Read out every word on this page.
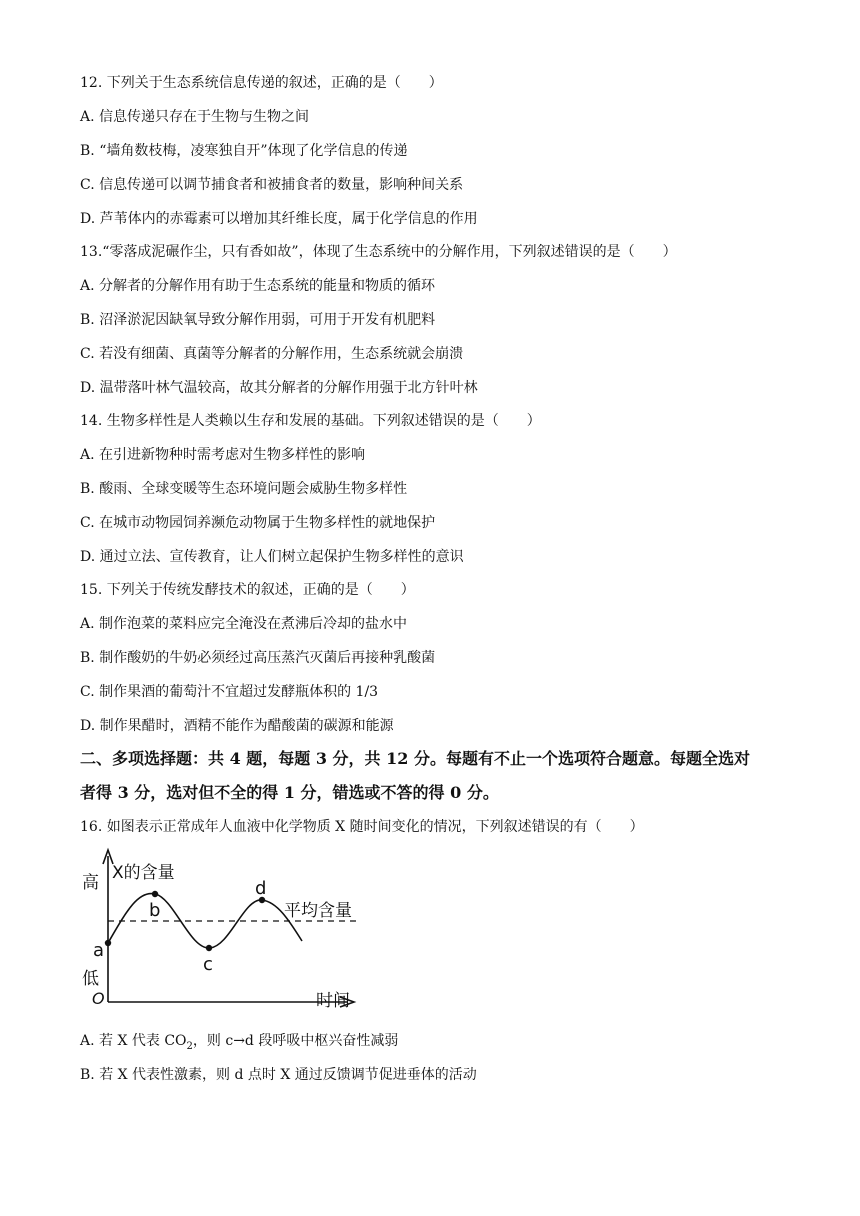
12. 下列关于生态系统信息传递的叙述，正确的是（　　）
A. 信息传递只存在于生物与生物之间
B. “墙角数枝梅，凌寒独自开”体现了化学信息的传递
C. 信息传递可以调节捕食者和被捕食者的数量，影响种间关系
D. 芦苇体内的赤霉素可以增加其纤维长度，属于化学信息的作用
13.“零落成泥碾作尘，只有香如故”，体现了生态系统中的分解作用，下列叙述错误的是（　　）
A. 分解者的分解作用有助于生态系统的能量和物质的循环
B. 沼泽淤泥因缺氧导致分解作用弱，可用于开发有机肥料
C. 若没有细菌、真菌等分解者的分解作用，生态系统就会崩溃
D. 温带落叶林气温较高，故其分解者的分解作用强于北方针叶林
14. 生物多样性是人类赖以生存和发展的基础。下列叙述错误的是（　　）
A. 在引进新物种时需考虑对生物多样性的影响
B. 酸雨、全球变暖等生态环境问题会威胁生物多样性
C. 在城市动物园饲养濒危动物属于生物多样性的就地保护
D. 通过立法、宣传教育，让人们树立起保护生物多样性的意识
15. 下列关于传统发酵技术的叙述，正确的是（　　）
A. 制作泡菜的菜料应完全淹没在煮沸后冷却的盐水中
B. 制作酸奶的牛奶必须经过高压蒸汽灭菌后再接种乳酸菌
C. 制作果酒的葡萄汁不宜超过发酵瓶体积的 1/3
D. 制作果醋时，酒精不能作为醋酸菌的碳源和能源
二、多项选择题：共 4 题，每题 3 分，共 12 分。每题有不止一个选项符合题意。每题全选对
者得 3 分，选对但不全的得 1 分，错选或不答的得 0 分。
16. 如图表示正常成年人血液中化学物质 X 随时间变化的情况，下列叙述错误的有（　　）
X的含量
高
低
O	时间
平均含量
a
b
c
d
A. 若 X 代表 $CO_2$，则 c→d 段呼吸中枢兴奋性减弱
B. 若 X 代表性激素，则 d 点时 X 通过反馈调节促进垂体的活动
